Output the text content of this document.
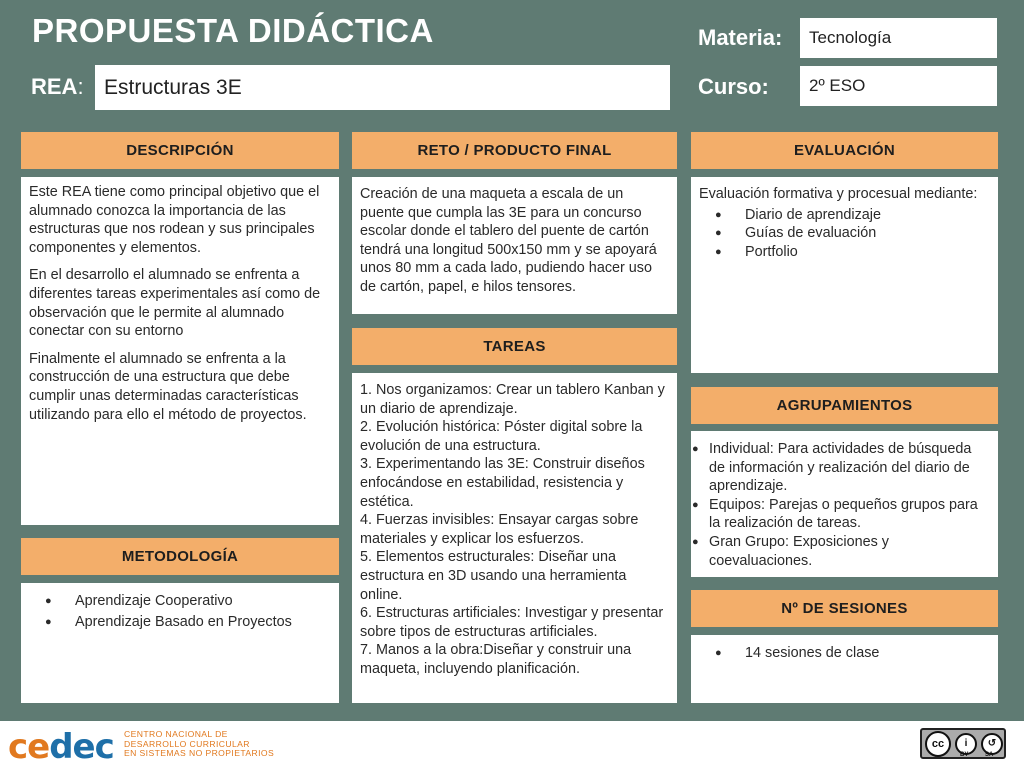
PROPUESTA DIDÁCTICA
REA: Estructuras 3E
Materia:	Tecnología
Curso:	2º ESO
DESCRIPCIÓN

Este REA tiene como principal objetivo que el alumnado conozca la importancia de las estructuras que nos rodean y sus principales componentes y elementos.

En el desarrollo el alumnado se enfrenta a diferentes tareas experimentales así como de observación que le permite al alumnado conectar con su entorno

Finalmente el alumnado se enfrenta a la construcción de una estructura que debe cumplir unas determinadas características utilizando para ello el método de proyectos.

METODOLOGÍA
● Aprendizaje Cooperativo
● Aprendizaje Basado en Proyectos
RETO / PRODUCTO FINAL

Creación de una maqueta a escala de un puente que cumpla las 3E para un concurso escolar donde el tablero del puente de cartón tendrá una longitud 500x150 mm y se apoyará unos 80 mm a cada lado, pudiendo hacer uso de cartón, papel, e hilos tensores.

TAREAS
1. Nos organizamos: Crear un tablero Kanban y un diario de aprendizaje.
2. Evolución histórica: Póster digital sobre la evolución de una estructura.
3. Experimentando las 3E: Construir diseños enfocándose en estabilidad, resistencia y estética.
4. Fuerzas invisibles: Ensayar cargas sobre materiales y explicar los esfuerzos.
5. Elementos estructurales: Diseñar una estructura en 3D usando una herramienta online.
6. Estructuras artificiales: Investigar y presentar sobre tipos de estructuras artificiales.
7. Manos a la obra:Diseñar y construir una maqueta, incluyendo planificación.
EVALUACIÓN
Evaluación formativa y procesual mediante:
● Diario de aprendizaje
● Guías de evaluación
● Portfolio
AGRUPAMIENTOS
● Individual: Para actividades de búsqueda de información y realización del diario de aprendizaje.
● Equipos: Parejas o pequeños grupos para la realización de tareas.
● Gran Grupo: Exposiciones y coevaluaciones.
Nº DE SESIONES
● 14 sesiones de clase
cedec CENTRO NACIONAL DE
DESARROLLO CURRICULAR
EN SISTEMAS NO PROPIETARIOS
cc	i	↺
BY	SA
